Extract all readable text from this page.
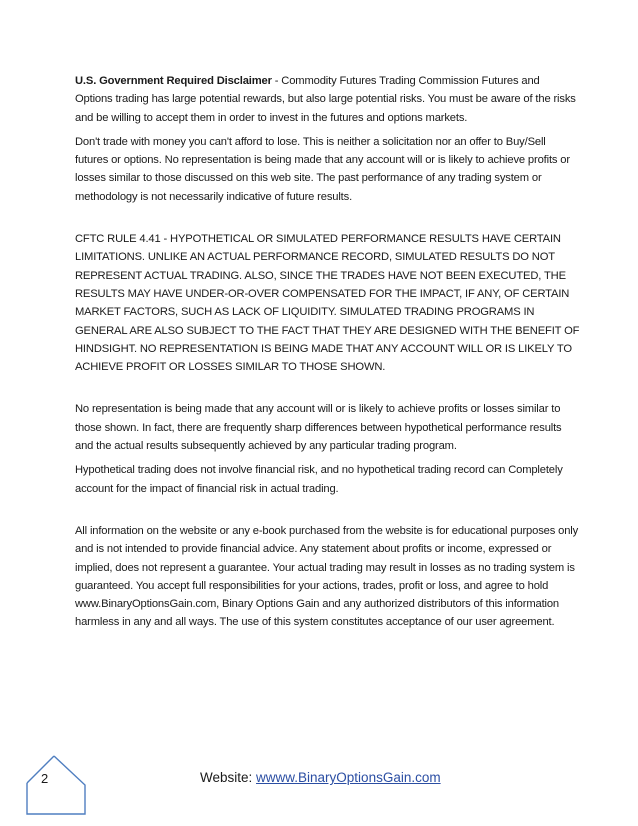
U.S. Government Required Disclaimer - Commodity Futures Trading Commission Futures and Options trading has large potential rewards, but also large potential risks. You must be aware of the risks and be willing to accept them in order to invest in the futures and options markets.

Don't trade with money you can't afford to lose. This is neither a solicitation nor an offer to Buy/Sell futures or options. No representation is being made that any account will or is likely to achieve profits or losses similar to those discussed on this web site. The past performance of any trading system or methodology is not necessarily indicative of future results.

CFTC RULE 4.41 - HYPOTHETICAL OR SIMULATED PERFORMANCE RESULTS HAVE CERTAIN LIMITATIONS. UNLIKE AN ACTUAL PERFORMANCE RECORD, SIMULATED RESULTS DO NOT REPRESENT ACTUAL TRADING. ALSO, SINCE THE TRADES HAVE NOT BEEN EXECUTED, THE RESULTS MAY HAVE UNDER-OR-OVER COMPENSATED FOR THE IMPACT, IF ANY, OF CERTAIN MARKET FACTORS, SUCH AS LACK OF LIQUIDITY. SIMULATED TRADING PROGRAMS IN GENERAL ARE ALSO SUBJECT TO THE FACT THAT THEY ARE DESIGNED WITH THE BENEFIT OF HINDSIGHT. NO REPRESENTATION IS BEING MADE THAT ANY ACCOUNT WILL OR IS LIKELY TO ACHIEVE PROFIT OR LOSSES SIMILAR TO THOSE SHOWN.

No representation is being made that any account will or is likely to achieve profits or losses similar to those shown. In fact, there are frequently sharp differences between hypothetical performance results and the actual results subsequently achieved by any particular trading program.

Hypothetical trading does not involve financial risk, and no hypothetical trading record can Completely account for the impact of financial risk in actual trading.

All information on the website or any e-book purchased from the website is for educational purposes only and is not intended to provide financial advice. Any statement about profits or income, expressed or implied, does not represent a guarantee. Your actual trading may result in losses as no trading system is guaranteed. You accept full responsibilities for your actions, trades, profit or loss, and agree to hold www.BinaryOptionsGain.com, Binary Options Gain and any authorized distributors of this information harmless in any and all ways. The use of this system constitutes acceptance of our user agreement.

2	Website: wwww.BinaryOptionsGain.com
